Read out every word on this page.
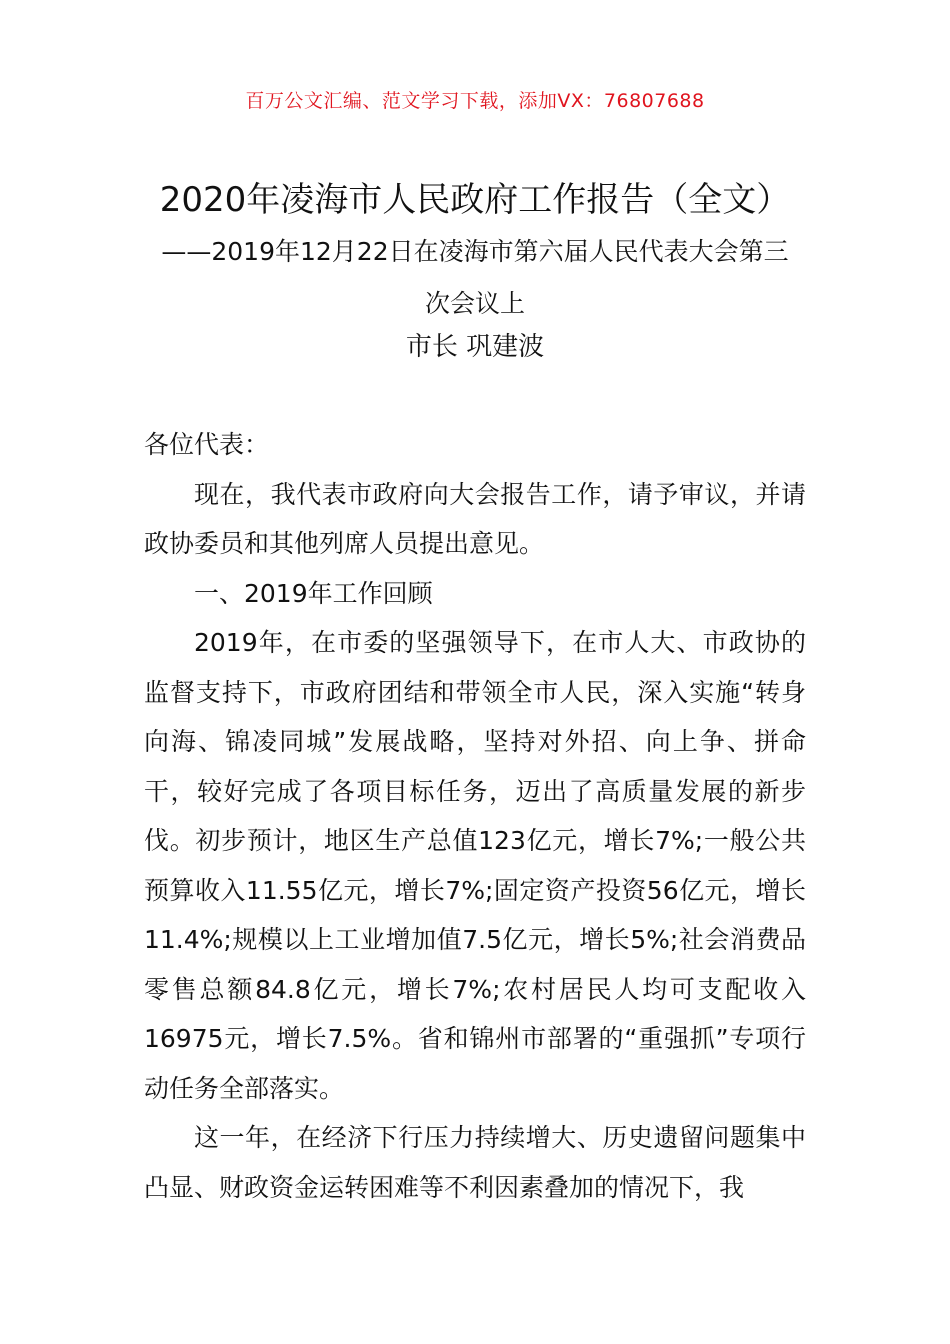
百万公文汇编、范文学习下载，添加VX：76807688
2020年凌海市人民政府工作报告（全文）
——2019年12月22日在凌海市第六届人民代表大会第三次会议上
市长 巩建波

各位代表：

现在，我代表市政府向大会报告工作，请予审议，并请政协委员和其他列席人员提出意见。

一、2019年工作回顾

2019年，在市委的坚强领导下，在市人大、市政协的监督支持下，市政府团结和带领全市人民，深入实施“转身向海、锦凌同城”发展战略，坚持对外招、向上争、拼命干，较好完成了各项目标任务，迈出了高质量发展的新步伐。初步预计，地区生产总值123亿元，增长7%;一般公共预算收入11.55亿元，增长7%;固定资产投资56亿元，增长11.4%;规模以上工业增加值7.5亿元，增长5%;社会消费品零售总额84.8亿元，增长7%;农村居民人均可支配收入16975元，增长7.5%。省和锦州市部署的“重强抓”专项行动任务全部落实。

这一年，在经济下行压力持续增大、历史遗留问题集中凸显、财政资金运转困难等不利因素叠加的情况下，我
